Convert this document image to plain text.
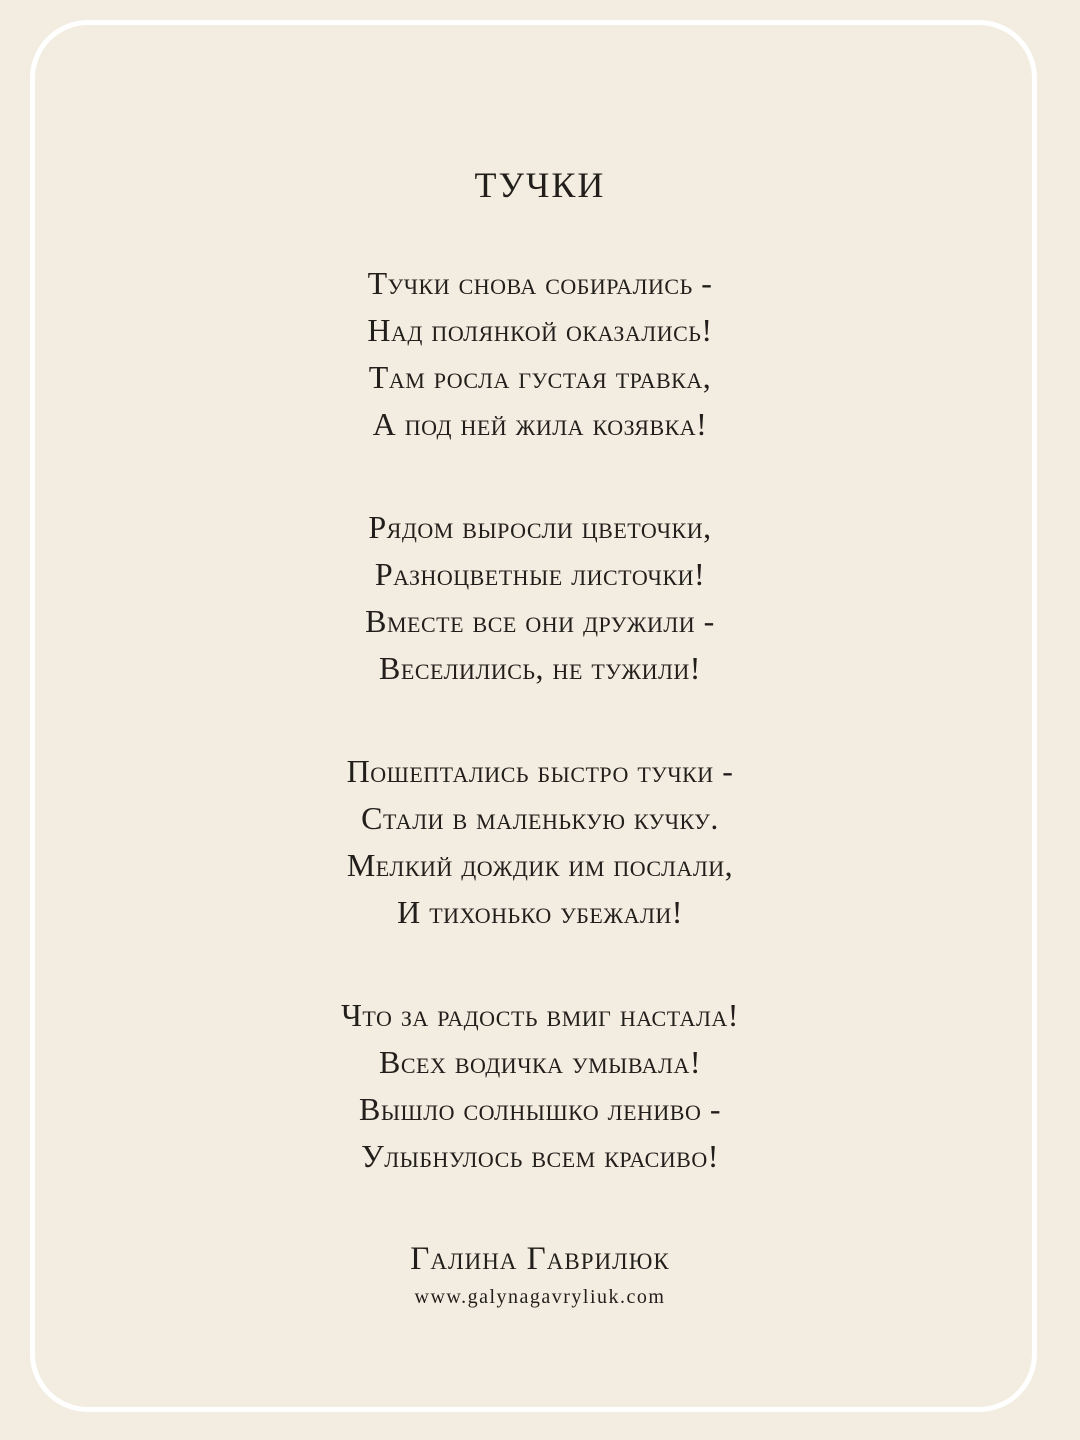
ТУЧКИ

Тучки снова собирались -

Над полянкой оказались!

Там росла густая травка,

А под ней жила козявка!

Рядом выросли цветочки,

Разноцветные листочки!

Вместе все они дружили -

Веселились, не тужили!

Пошептались быстро тучки -

Стали в маленькую кучку.

Мелкий дождик им послали,

И тихонько убежали!

Что за радость вмиг настала!

Всех водичка умывала!

Вышло солнышко лениво -

Улыбнулось всем красиво!

Галина Гаврилюк

www.galynagavryliuk.com
